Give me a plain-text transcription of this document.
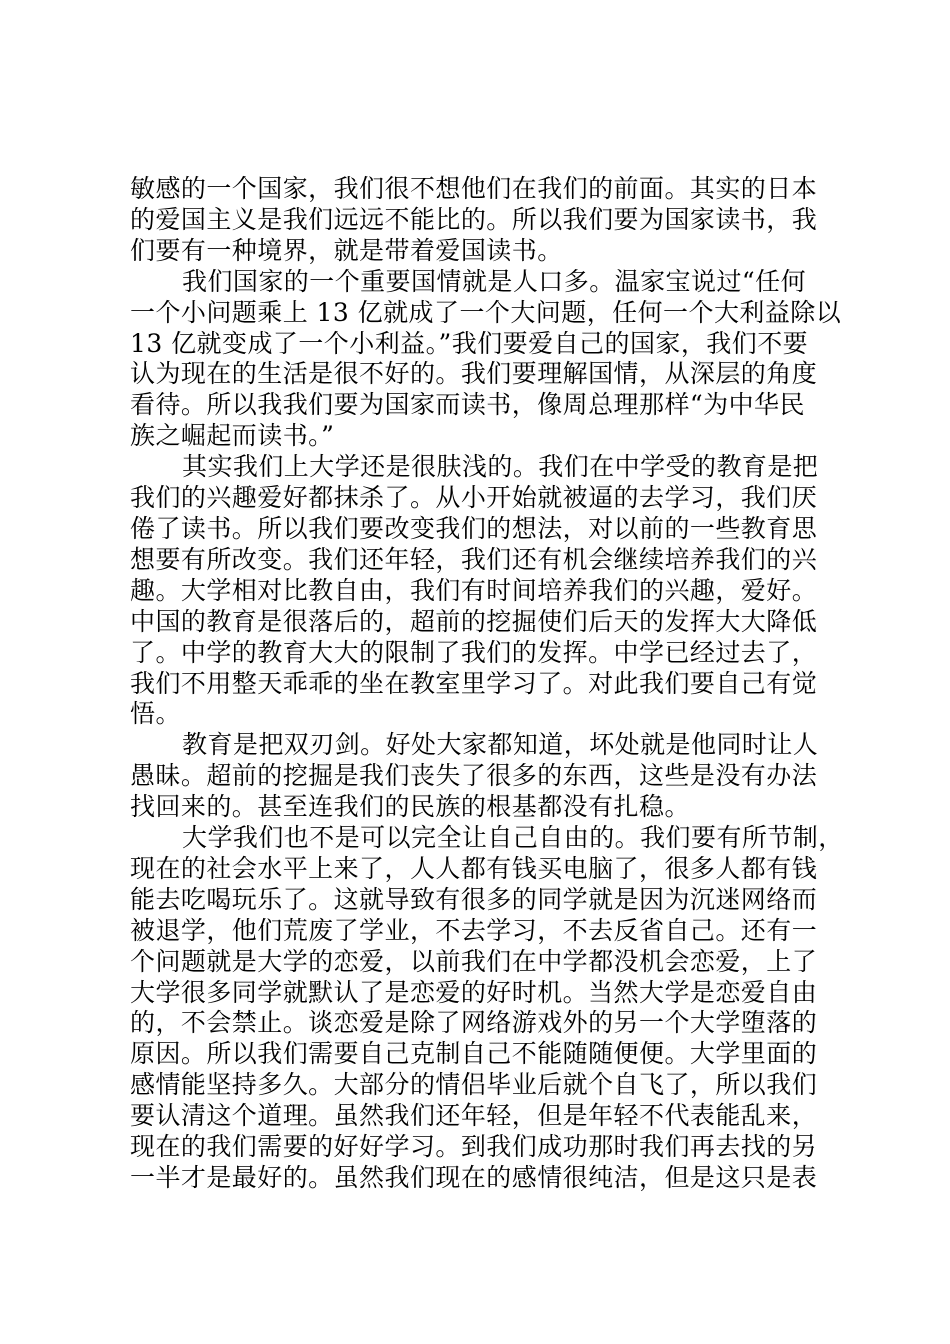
敏感的一个国家，我们很不想他们在我们的前面。其实的日本
的爱国主义是我们远远不能比的。所以我们要为国家读书，我
们要有一种境界，就是带着爱国读书。
我们国家的一个重要国情就是人口多。温家宝说过“任何
一个小问题乘上 13 亿就成了一个大问题，任何一个大利益除以
13 亿就变成了一个小利益。”我们要爱自己的国家，我们不要
认为现在的生活是很不好的。我们要理解国情，从深层的角度
看待。所以我我们要为国家而读书，像周总理那样“为中华民
族之崛起而读书。”
其实我们上大学还是很肤浅的。我们在中学受的教育是把
我们的兴趣爱好都抹杀了。从小开始就被逼的去学习，我们厌
倦了读书。所以我们要改变我们的想法，对以前的一些教育思
想要有所改变。我们还年轻，我们还有机会继续培养我们的兴
趣。大学相对比教自由，我们有时间培养我们的兴趣，爱好。
中国的教育是很落后的，超前的挖掘使们后天的发挥大大降低
了。中学的教育大大的限制了我们的发挥。中学已经过去了，
我们不用整天乖乖的坐在教室里学习了。对此我们要自己有觉
悟。
教育是把双刃剑。好处大家都知道，坏处就是他同时让人
愚昧。超前的挖掘是我们丧失了很多的东西，这些是没有办法
找回来的。甚至连我们的民族的根基都没有扎稳。
大学我们也不是可以完全让自己自由的。我们要有所节制，
现在的社会水平上来了，人人都有钱买电脑了，很多人都有钱
能去吃喝玩乐了。这就导致有很多的同学就是因为沉迷网络而
被退学，他们荒废了学业，不去学习，不去反省自己。还有一
个问题就是大学的恋爱，以前我们在中学都没机会恋爱，上了
大学很多同学就默认了是恋爱的好时机。当然大学是恋爱自由
的，不会禁止。谈恋爱是除了网络游戏外的另一个大学堕落的
原因。所以我们需要自己克制自己不能随随便便。大学里面的
感情能坚持多久。大部分的情侣毕业后就个自飞了，所以我们
要认清这个道理。虽然我们还年轻，但是年轻不代表能乱来，
现在的我们需要的好好学习。到我们成功那时我们再去找的另
一半才是最好的。虽然我们现在的感情很纯洁，但是这只是表
